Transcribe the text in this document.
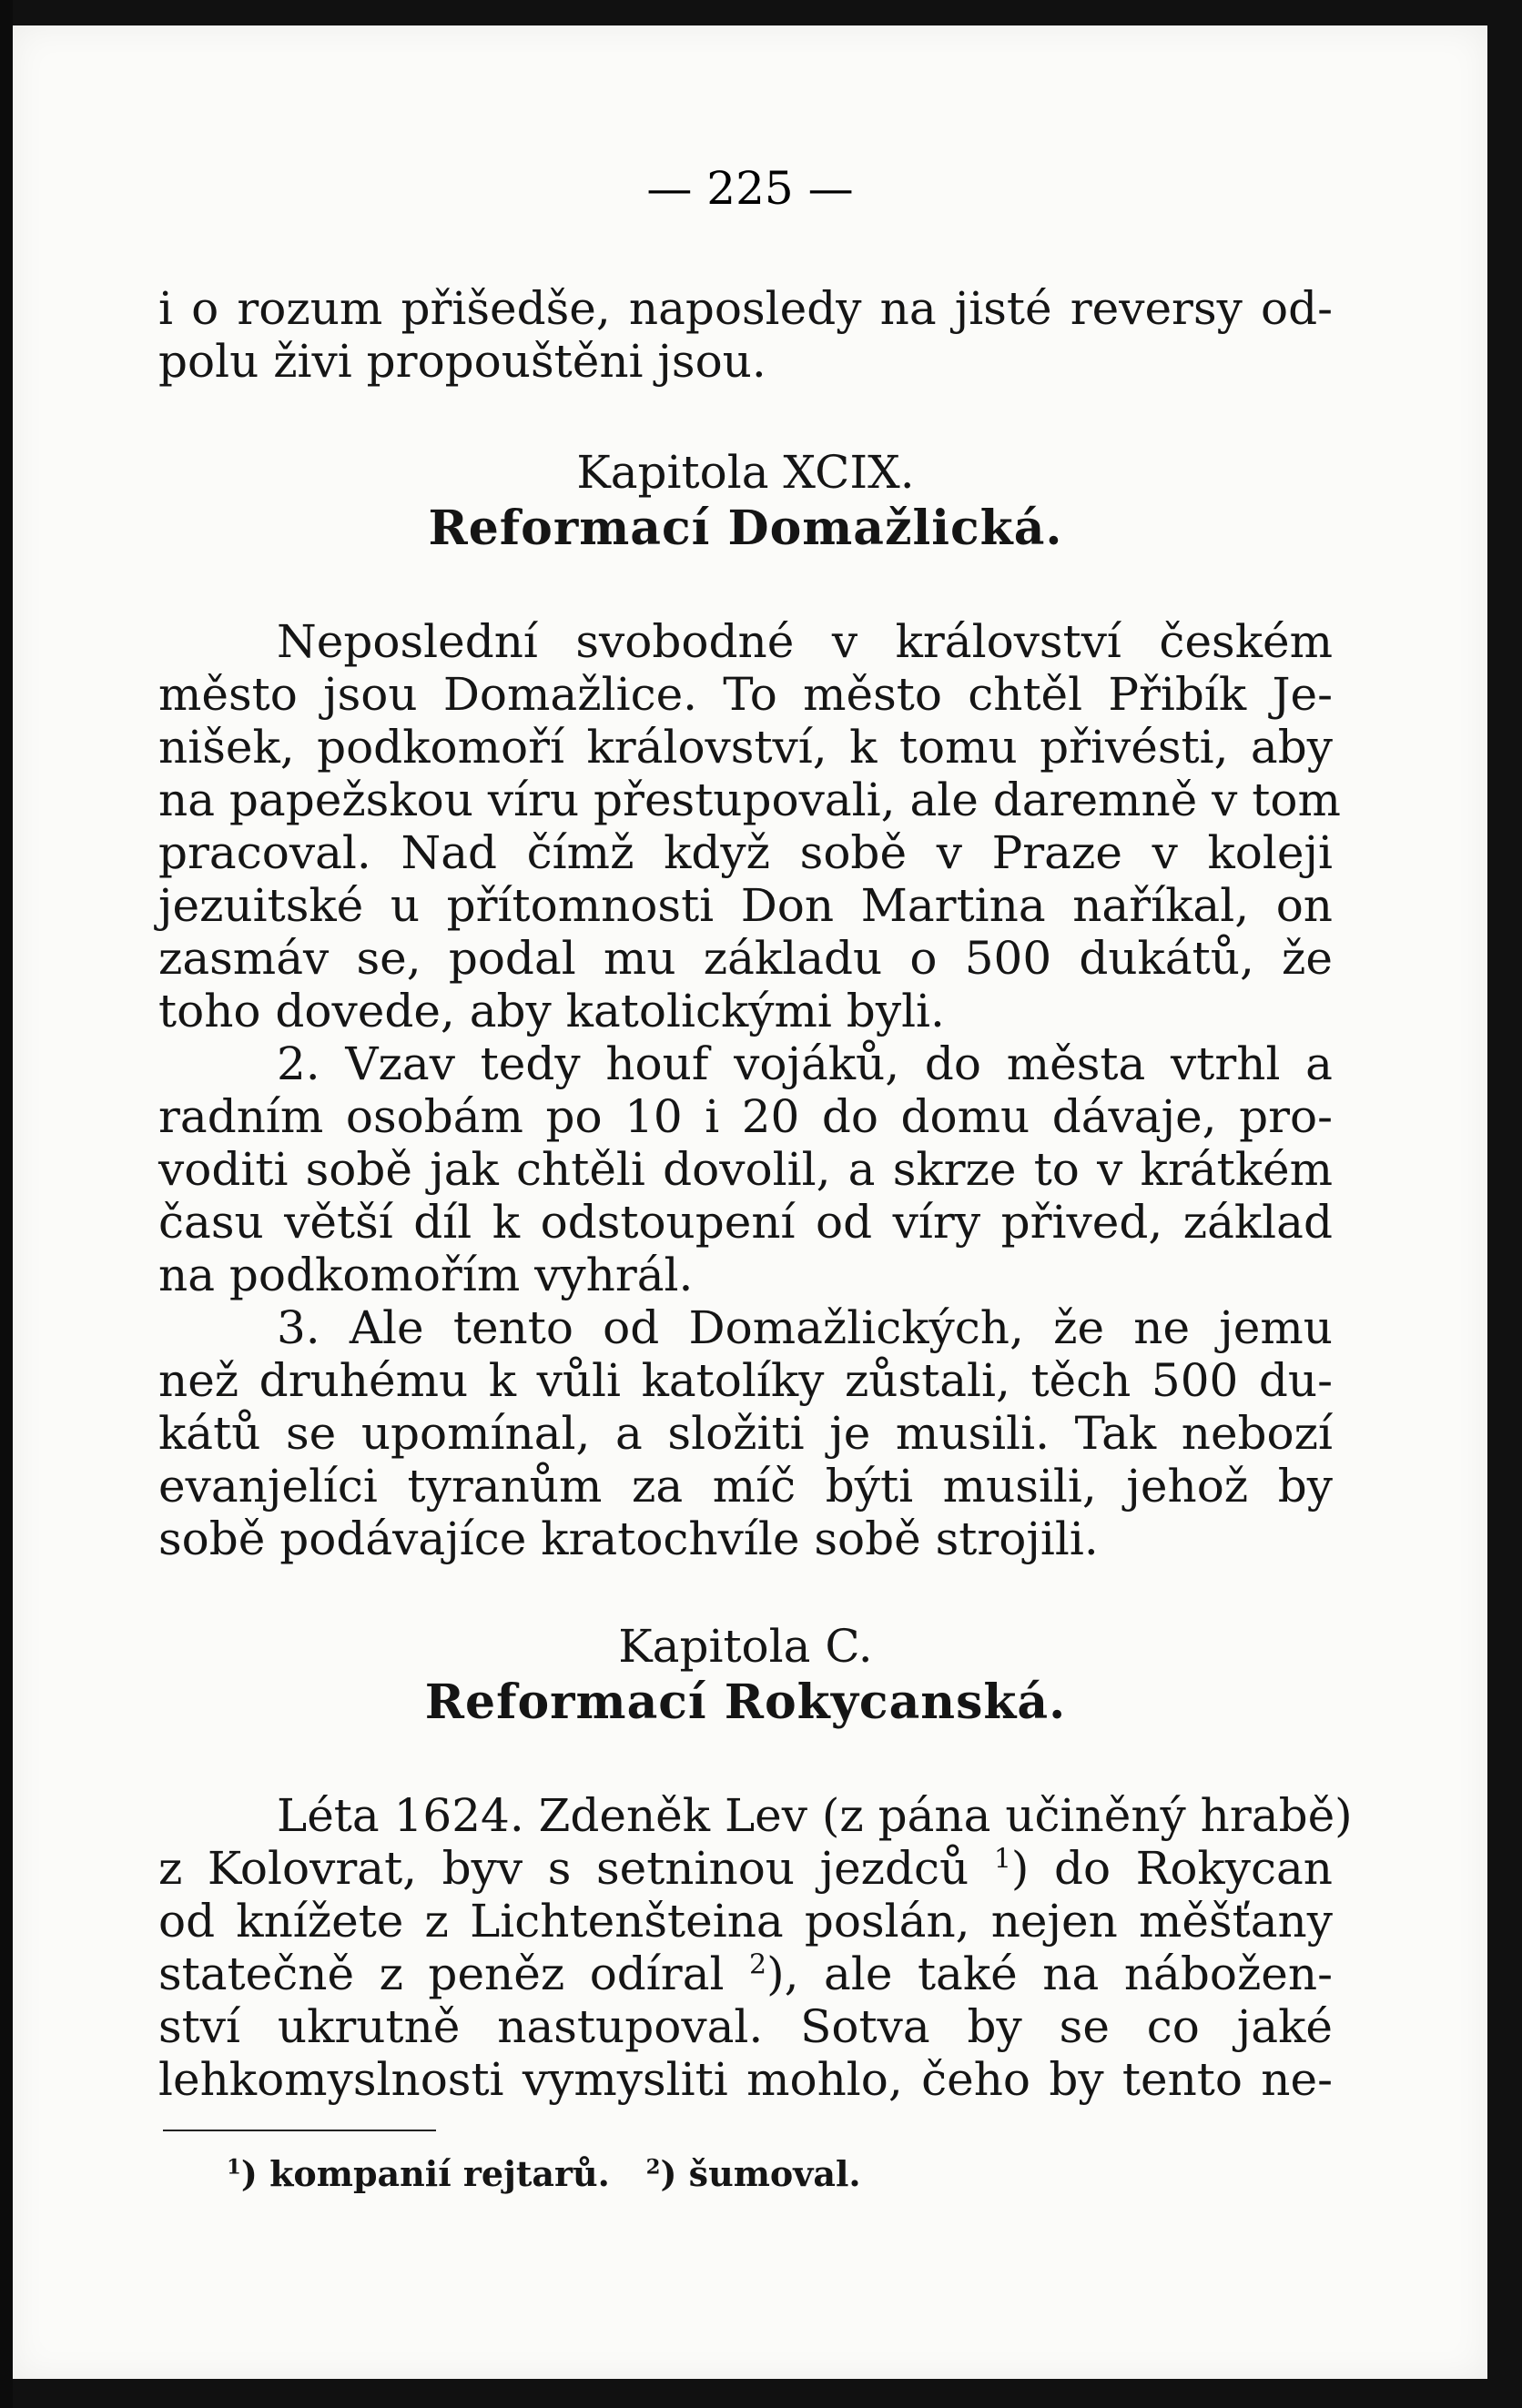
— 225 —
i o rozum přišedše, naposledy na jisté reversy od-
polu živi propouštěni jsou.
Kapitola XCIX.
Reformací Domažlická.
Neposlední svobodné v království českém
město jsou Domažlice. To město chtěl Přibík Je-
nišek, podkomoří království, k tomu přivésti, aby
na papežskou víru přestupovali, ale daremně v tom
pracoval. Nad čímž když sobě v Praze v koleji
jezuitské u přítomnosti Don Martina naříkal, on
zasmáv se, podal mu základu o 500 dukátů, že
toho dovede, aby katolickými byli.
2. Vzav tedy houf vojáků, do města vtrhl a
radním osobám po 10 i 20 do domu dávaje, pro-
voditi sobě jak chtěli dovolil, a skrze to v krátkém
času větší díl k odstoupení od víry přived, základ
na podkomořím vyhrál.
3. Ale tento od Domažlických, že ne jemu
než druhému k vůli katolíky zůstali, těch 500 du-
kátů se upomínal, a složiti je musili. Tak nebozí
evanjelíci tyranům za míč býti musili, jehož by
sobě podávajíce kratochvíle sobě strojili.
Kapitola C.
Reformací Rokycanská.
Léta 1624. Zdeněk Lev (z pána učiněný hrabě)
z Kolovrat, byv s setninou jezdců $^1$) do Rokycan
od knížete z Lichtenšteina poslán, nejen měšťany
statečně z peněz odíral $^2$), ale také na nábožen-
ství ukrutně nastupoval. Sotva by se co jaké
lehkomyslnosti vymysliti mohlo, čeho by tento ne-
$^1$) kompanií rejtarů. $^2$) šumoval.
